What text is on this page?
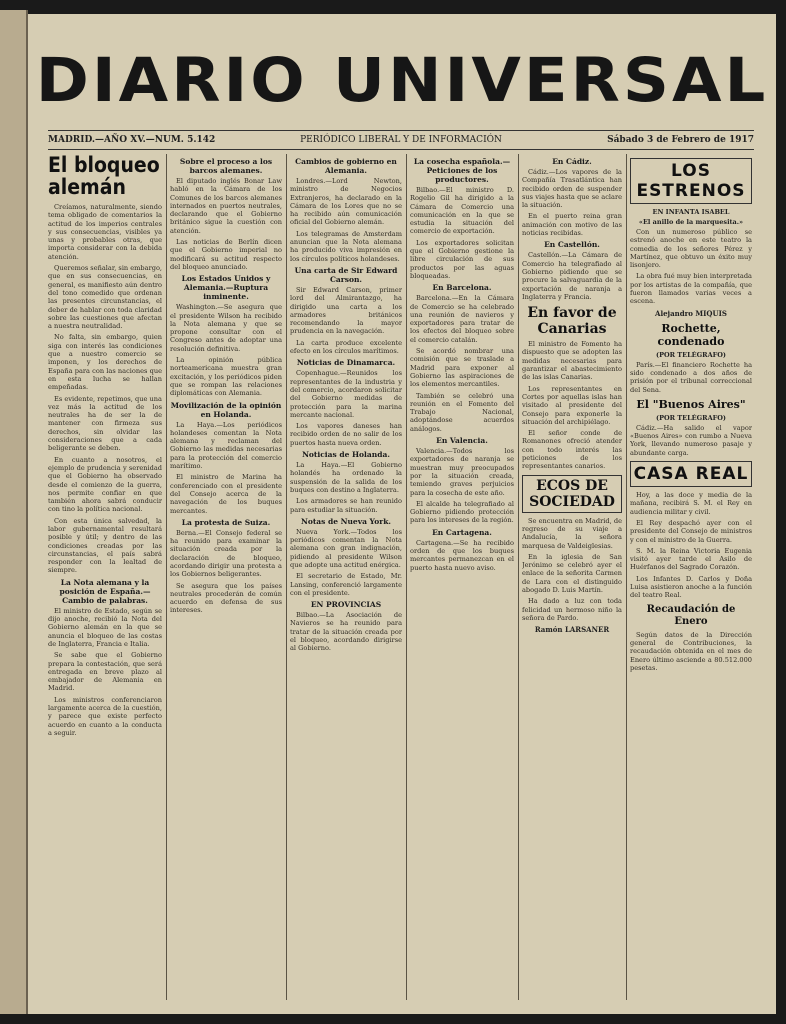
DIARIO UNIVERSAL
MADRID.—AÑO XV.—NUM. 5.142	PERIÓDICO LIBERAL Y DE INFORMACIÓN	Sábado 3 de Febrero de 1917
El bloqueo alemán

Creíamos, naturalmente, siendo tema obligado de comentarios la actitud de los imperios centrales y sus consecuencias, visibles ya unas y probables otras, que importa considerar con la debida atención.

Queremos señalar, sin embargo, que en sus consecuencias, en general, es manifiesto aún dentro del tono comedido que ordenan las presentes circunstancias, el deber de hablar con toda claridad sobre las cuestiones que afectan a nuestra neutralidad.

No falta, sin embargo, quien siga con interés las condiciones que a nuestro comercio se imponen, y los derechos de España para con las naciones que en esta lucha se hallan empeñadas.

Es evidente, repetimos, que una vez más la actitud de los neutrales ha de ser la de mantener con firmeza sus derechos, sin olvidar las consideraciones que a cada beligerante se deben.

En cuanto a nosotros, el ejemplo de prudencia y serenidad que el Gobierno ha observado desde el comienzo de la guerra, nos permite confiar en que también ahora sabrá conducir con tino la política nacional.

Con esta única salvedad, la labor gubernamental resultará posible y útil; y dentro de las condiciones creadas por las circunstancias, el país sabrá responder con la lealtad de siempre.

La Nota alemana y la posición de España.—Cambio de palabras.

El ministro de Estado, según se dijo anoche, recibió la Nota del Gobierno alemán en la que se anuncia el bloqueo de las costas de Inglaterra, Francia e Italia.

Se sabe que el Gobierno prepara la contestación, que será entregada en breve plazo al embajador de Alemania en Madrid.

Los ministros conferenciaron largamente acerca de la cuestión, y parece que existe perfecto acuerdo en cuanto a la conducta a seguir.

Sobre el proceso a los barcos alemanes.

El diputado inglés Bonar Law habló en la Cámara de los Comunes de los barcos alemanes internados en puertos neutrales, declarando que el Gobierno británico sigue la cuestión con atención.

Las noticias de Berlín dicen que el Gobierno imperial no modificará su actitud respecto del bloqueo anunciado.

Los Estados Unidos y Alemania.—Ruptura inminente.

Washington.—Se asegura que el presidente Wilson ha recibido la Nota alemana y que se propone consultar con el Congreso antes de adoptar una resolución definitiva.

La opinión pública norteamericana muestra gran excitación, y los periódicos piden que se rompan las relaciones diplomáticas con Alemania.

Movilización de la opinión en Holanda.

La Haya.—Los periódicos holandeses comentan la Nota alemana y reclaman del Gobierno las medidas necesarias para la protección del comercio marítimo.

El ministro de Marina ha conferenciado con el presidente del Consejo acerca de la navegación de los buques mercantes.

La protesta de Suiza.

Berna.—El Consejo federal se ha reunido para examinar la situación creada por la declaración de bloqueo, acordando dirigir una protesta a los Gobiernos beligerantes.

Se asegura que los países neutrales procederán de común acuerdo en defensa de sus intereses.

Cambios de gobierno en Alemania.

Londres.—Lord Newton, ministro de Negocios Extranjeros, ha declarado en la Cámara de los Lores que no se ha recibido aún comunicación oficial del Gobierno alemán.

Los telegramas de Amsterdam anuncian que la Nota alemana ha producido viva impresión en los círculos políticos holandeses.

Una carta de Sir Edward Carson.

Sir Edward Carson, primer lord del Almirantazgo, ha dirigido una carta a los armadores británicos recomendando la mayor prudencia en la navegación.

La carta produce excelente efecto en los círculos marítimos.

Noticias de Dinamarca.

Copenhague.—Reunidos los representantes de la industria y del comercio, acordaron solicitar del Gobierno medidas de protección para la marina mercante nacional.

Los vapores daneses han recibido orden de no salir de los puertos hasta nueva orden.

Noticias de Holanda.

La Haya.—El Gobierno holandés ha ordenado la suspensión de la salida de los buques con destino a Inglaterra.

Los armadores se han reunido para estudiar la situación.

Notas de Nueva York.

Nueva York.—Todos los periódicos comentan la Nota alemana con gran indignación, pidiendo al presidente Wilson que adopte una actitud enérgica.

El secretario de Estado, Mr. Lansing, conferenció largamente con el presidente.

EN PROVINCIAS

Bilbao.—La Asociación de Navieros se ha reunido para tratar de la situación creada por el bloqueo, acordando dirigirse al Gobierno.

La cosecha española.—Peticiones de los productores.

Bilbao.—El ministro D. Rogelio Gil ha dirigido a la Cámara de Comercio una comunicación en la que se estudia la situación del comercio de exportación.

Los exportadores solicitan que el Gobierno gestione la libre circulación de sus productos por las aguas bloqueadas.

En Barcelona.

Barcelona.—En la Cámara de Comercio se ha celebrado una reunión de navieros y exportadores para tratar de los efectos del bloqueo sobre el comercio catalán.

Se acordó nombrar una comisión que se traslade a Madrid para exponer al Gobierno las aspiraciones de los elementos mercantiles.

También se celebró una reunión en el Fomento del Trabajo Nacional, adoptándose acuerdos análogos.

En Valencia.

Valencia.—Todos los exportadores de naranja se muestran muy preocupados por la situación creada, temiendo graves perjuicios para la cosecha de este año.

El alcalde ha telegrafiado al Gobierno pidiendo protección para los intereses de la región.

En Cartagena.

Cartagena.—Se ha recibido orden de que los buques mercantes permanezcan en el puerto hasta nuevo aviso.

En Cádiz.

Cádiz.—Los vapores de la Compañía Trasatlántica han recibido orden de suspender sus viajes hasta que se aclare la situación.

En el puerto reina gran animación con motivo de las noticias recibidas.

En Castellón.

Castellón.—La Cámara de Comercio ha telegrafiado al Gobierno pidiendo que se procure la salvaguardia de la exportación de naranja a Inglaterra y Francia.

En favor de Canarias

El ministro de Fomento ha dispuesto que se adopten las medidas necesarias para garantizar el abastecimiento de las islas Canarias.

Los representantes en Cortes por aquellas islas han visitado al presidente del Consejo para exponerle la situación del archipiélago.

El señor conde de Romanones ofreció atender con todo interés las peticiones de los representantes canarios.

ECOS DE SOCIEDAD

Se encuentra en Madrid, de regreso de su viaje a Andalucía, la señora marquesa de Valdeiglesias.

En la iglesia de San Jerónimo se celebró ayer el enlace de la señorita Carmen de Lara con el distinguido abogado D. Luis Martín.

Ha dado a luz con toda felicidad un hermoso niño la señora de Pardo.

Ramón LARSANER
LOS ESTRENOS
EN INFANTA ISABEL
«El anillo de la marquesita.»

Con un numeroso público se estrenó anoche en este teatro la comedia de los señores Pérez y Martínez, que obtuvo un éxito muy lisonjero.

La obra fué muy bien interpretada por los artistas de la compañía, que fueron llamados varias veces a escena.

Alejandro MIQUIS
Rochette, condenado
(POR TELÉGRAFO)

París.—El financiero Rochette ha sido condenado a dos años de prisión por el tribunal correccional del Sena.

El "Buenos Aires"
(POR TELÉGRAFO)

Cádiz.—Ha salido el vapor «Buenos Aires» con rumbo a Nueva York, llevando numeroso pasaje y abundante carga.

CASA REAL

Hoy, a las doce y media de la mañana, recibirá S. M. el Rey en audiencia militar y civil.

El Rey despachó ayer con el presidente del Consejo de ministros y con el ministro de la Guerra.

S. M. la Reina Victoria Eugenia visitó ayer tarde el Asilo de Huérfanos del Sagrado Corazón.

Los Infantes D. Carlos y Doña Luisa asistieron anoche a la función del teatro Real.

Recaudación de Enero

Según datos de la Dirección general de Contribuciones, la recaudación obtenida en el mes de Enero último asciende a 80.512.000 pesetas.
